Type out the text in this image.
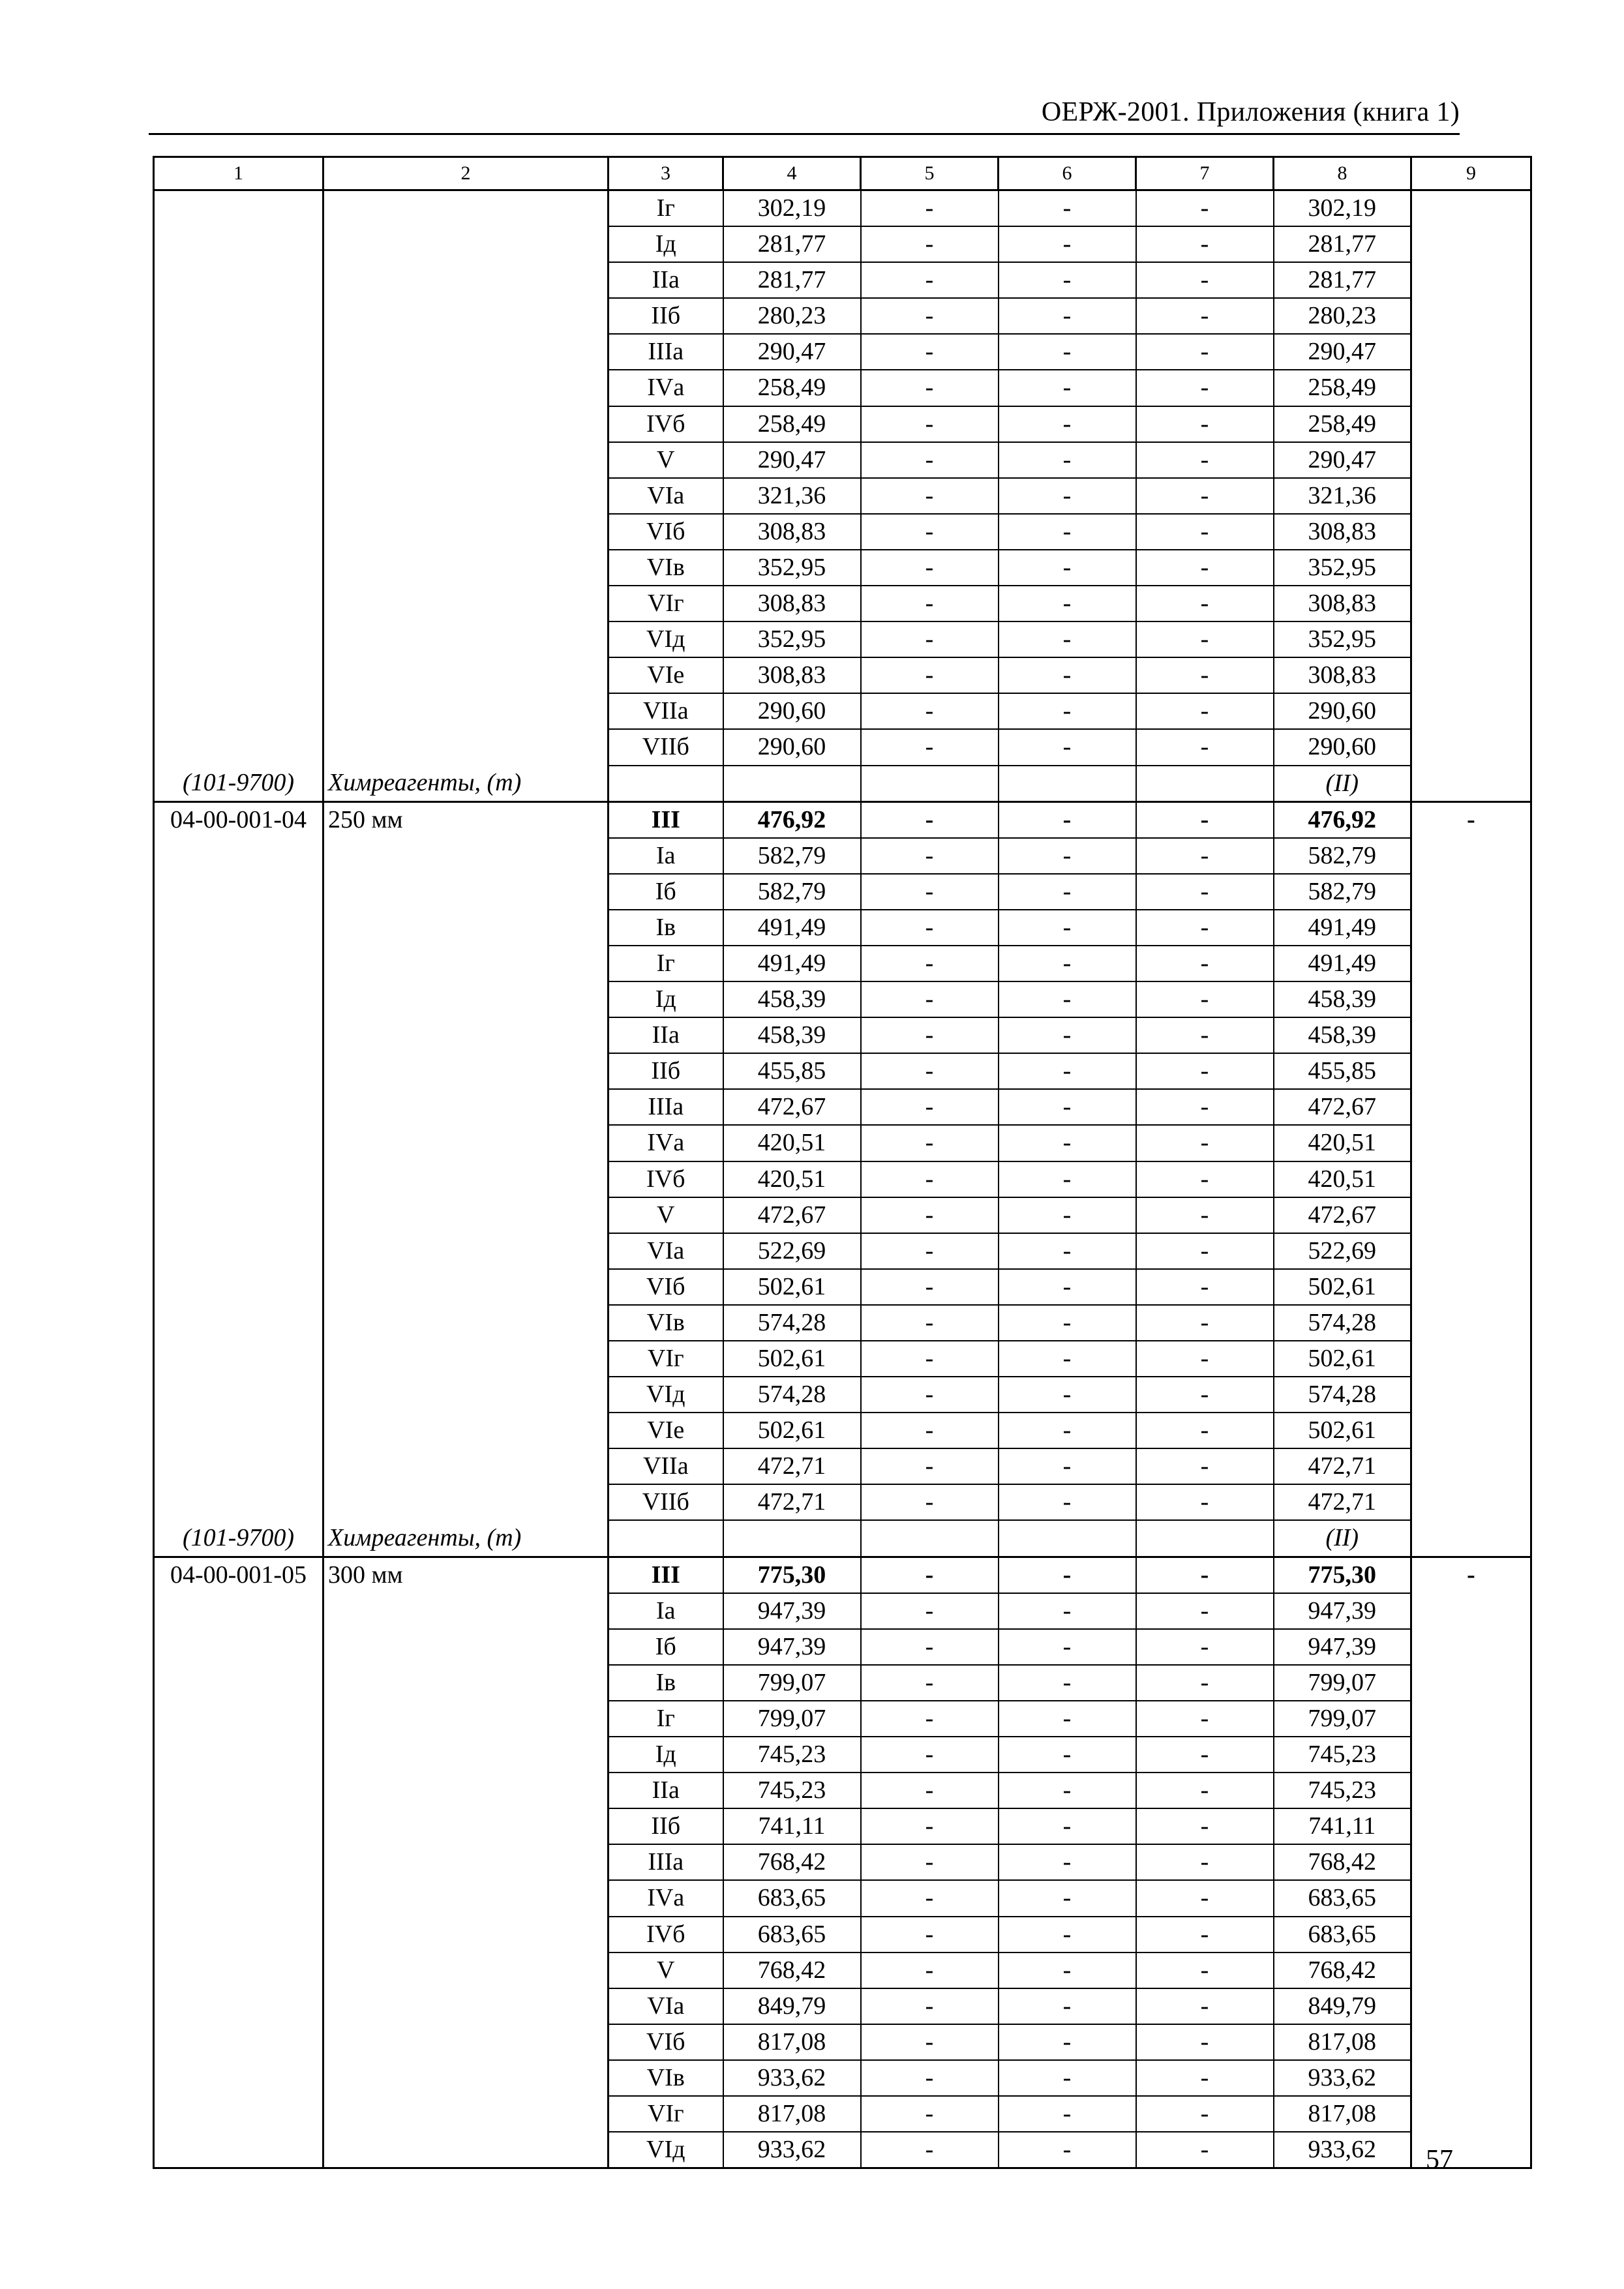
ОЕРЖ-2001. Приложения (книга 1)
1	2	3	4	5	6	7	8	9
		Iг	302,19	-	-	-	302,19	
		Iд	281,77	-	-	-	281,77	
		IIа	281,77	-	-	-	281,77	
		IIб	280,23	-	-	-	280,23	
		IIIа	290,47	-	-	-	290,47	
		IVа	258,49	-	-	-	258,49	
		IVб	258,49	-	-	-	258,49	
		V	290,47	-	-	-	290,47	
		VIа	321,36	-	-	-	321,36	
		VIб	308,83	-	-	-	308,83	
		VIв	352,95	-	-	-	352,95	
		VIг	308,83	-	-	-	308,83	
		VIд	352,95	-	-	-	352,95	
		VIе	308,83	-	-	-	308,83	
		VIIа	290,60	-	-	-	290,60	
		VIIб	290,60	-	-	-	290,60	
(101-9700)	Химреагенты, (т)						(II)	
04-00-001-04	250 мм	III	476,92	-	-	-	476,92	-
		Iа	582,79	-	-	-	582,79	
		Iб	582,79	-	-	-	582,79	
		Iв	491,49	-	-	-	491,49	
		Iг	491,49	-	-	-	491,49	
		Iд	458,39	-	-	-	458,39	
		IIа	458,39	-	-	-	458,39	
		IIб	455,85	-	-	-	455,85	
		IIIа	472,67	-	-	-	472,67	
		IVа	420,51	-	-	-	420,51	
		IVб	420,51	-	-	-	420,51	
		V	472,67	-	-	-	472,67	
		VIа	522,69	-	-	-	522,69	
		VIб	502,61	-	-	-	502,61	
		VIв	574,28	-	-	-	574,28	
		VIг	502,61	-	-	-	502,61	
		VIд	574,28	-	-	-	574,28	
		VIе	502,61	-	-	-	502,61	
		VIIа	472,71	-	-	-	472,71	
		VIIб	472,71	-	-	-	472,71	
(101-9700)	Химреагенты, (т)						(II)	
04-00-001-05	300 мм	III	775,30	-	-	-	775,30	-
		Iа	947,39	-	-	-	947,39	
		Iб	947,39	-	-	-	947,39	
		Iв	799,07	-	-	-	799,07	
		Iг	799,07	-	-	-	799,07	
		Iд	745,23	-	-	-	745,23	
		IIа	745,23	-	-	-	745,23	
		IIб	741,11	-	-	-	741,11	
		IIIа	768,42	-	-	-	768,42	
		IVа	683,65	-	-	-	683,65	
		IVб	683,65	-	-	-	683,65	
		V	768,42	-	-	-	768,42	
		VIа	849,79	-	-	-	849,79	
		VIб	817,08	-	-	-	817,08	
		VIв	933,62	-	-	-	933,62	
		VIг	817,08	-	-	-	817,08	
		VIд	933,62	-	-	-	933,62	57
